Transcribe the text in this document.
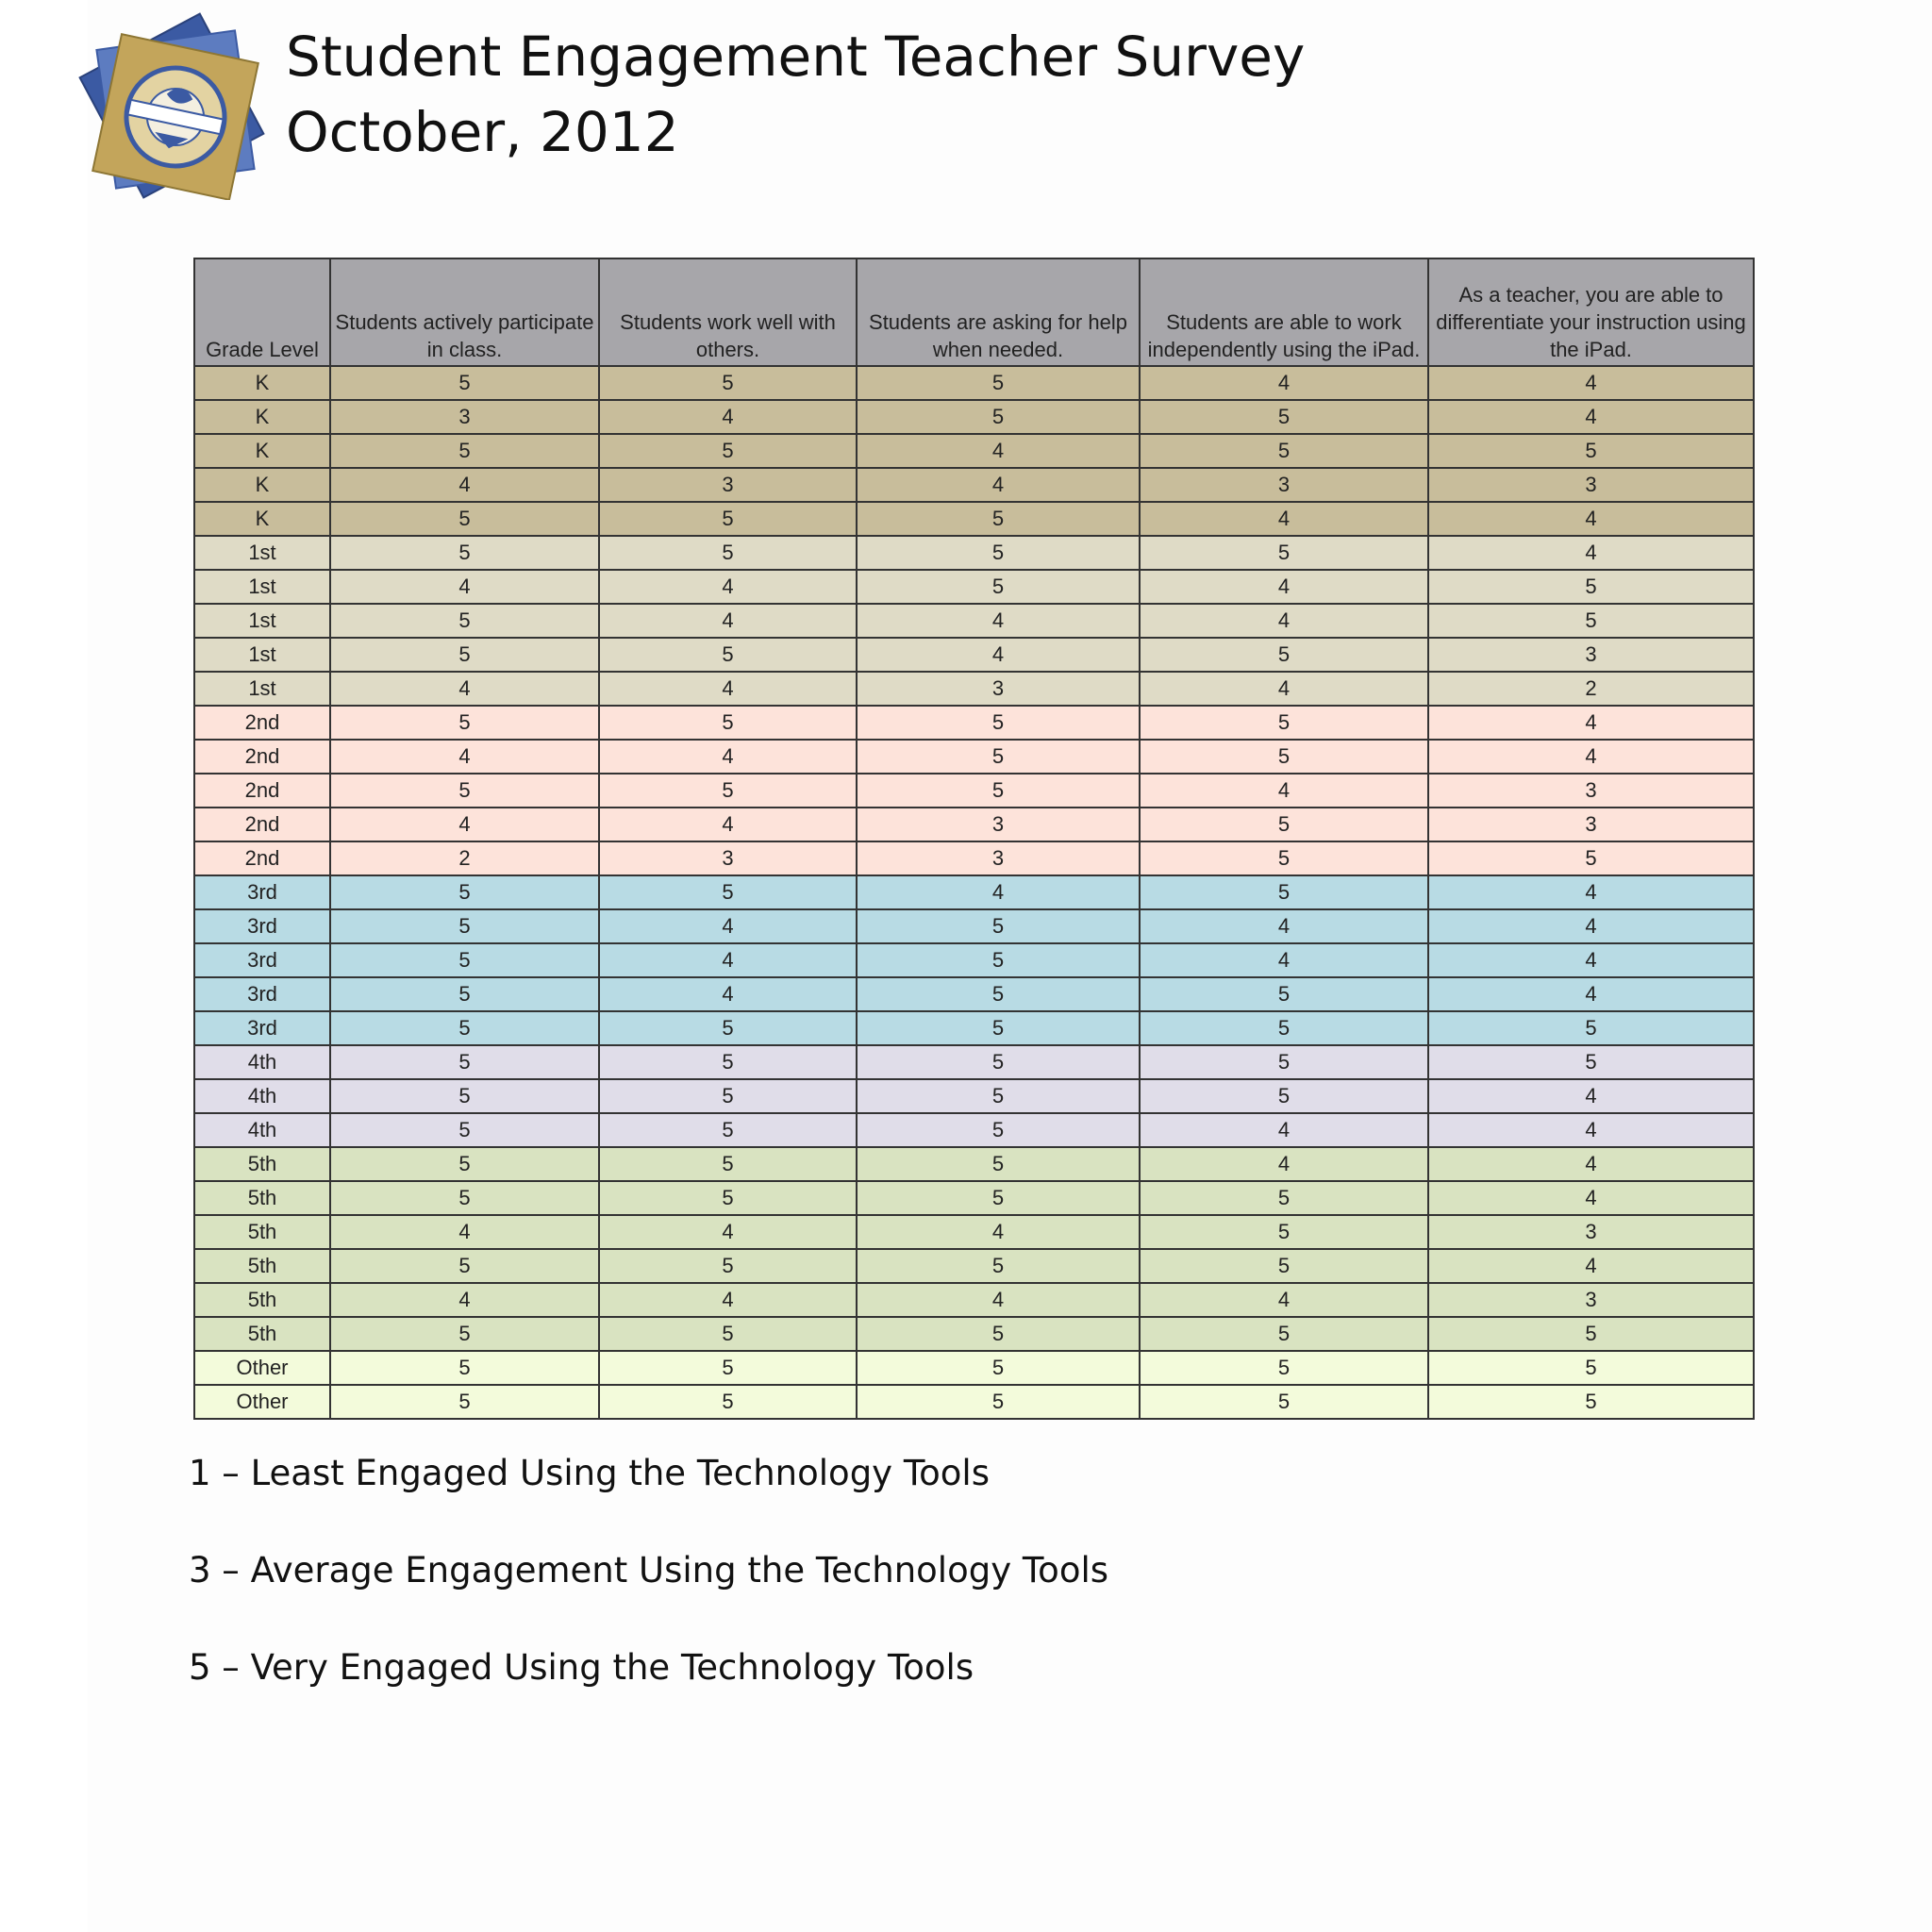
Student Engagement Teacher Survey
October, 2012
Grade Level	Students actively participate in class.	Students work well with others.	Students are asking for help when needed.	Students are able to work independently using the iPad.	As a teacher, you are able to differentiate your instruction using the iPad.
K	5	5	5	4	4
K	3	4	5	5	4
K	5	5	4	5	5
K	4	3	4	3	3
K	5	5	5	4	4
1st	5	5	5	5	4
1st	4	4	5	4	5
1st	5	4	4	4	5
1st	5	5	4	5	3
1st	4	4	3	4	2
2nd	5	5	5	5	4
2nd	4	4	5	5	4
2nd	5	5	5	4	3
2nd	4	4	3	5	3
2nd	2	3	3	5	5
3rd	5	5	4	5	4
3rd	5	4	5	4	4
3rd	5	4	5	4	4
3rd	5	4	5	5	4
3rd	5	5	5	5	5
4th	5	5	5	5	5
4th	5	5	5	5	4
4th	5	5	5	4	4
5th	5	5	5	4	4
5th	5	5	5	5	4
5th	4	4	4	5	3
5th	5	5	5	5	4
5th	4	4	4	4	3
5th	5	5	5	5	5
Other	5	5	5	5	5
Other	5	5	5	5	5
1 – Least Engaged Using the Technology Tools
3 – Average Engagement Using the Technology Tools
5 – Very Engaged Using the Technology Tools
